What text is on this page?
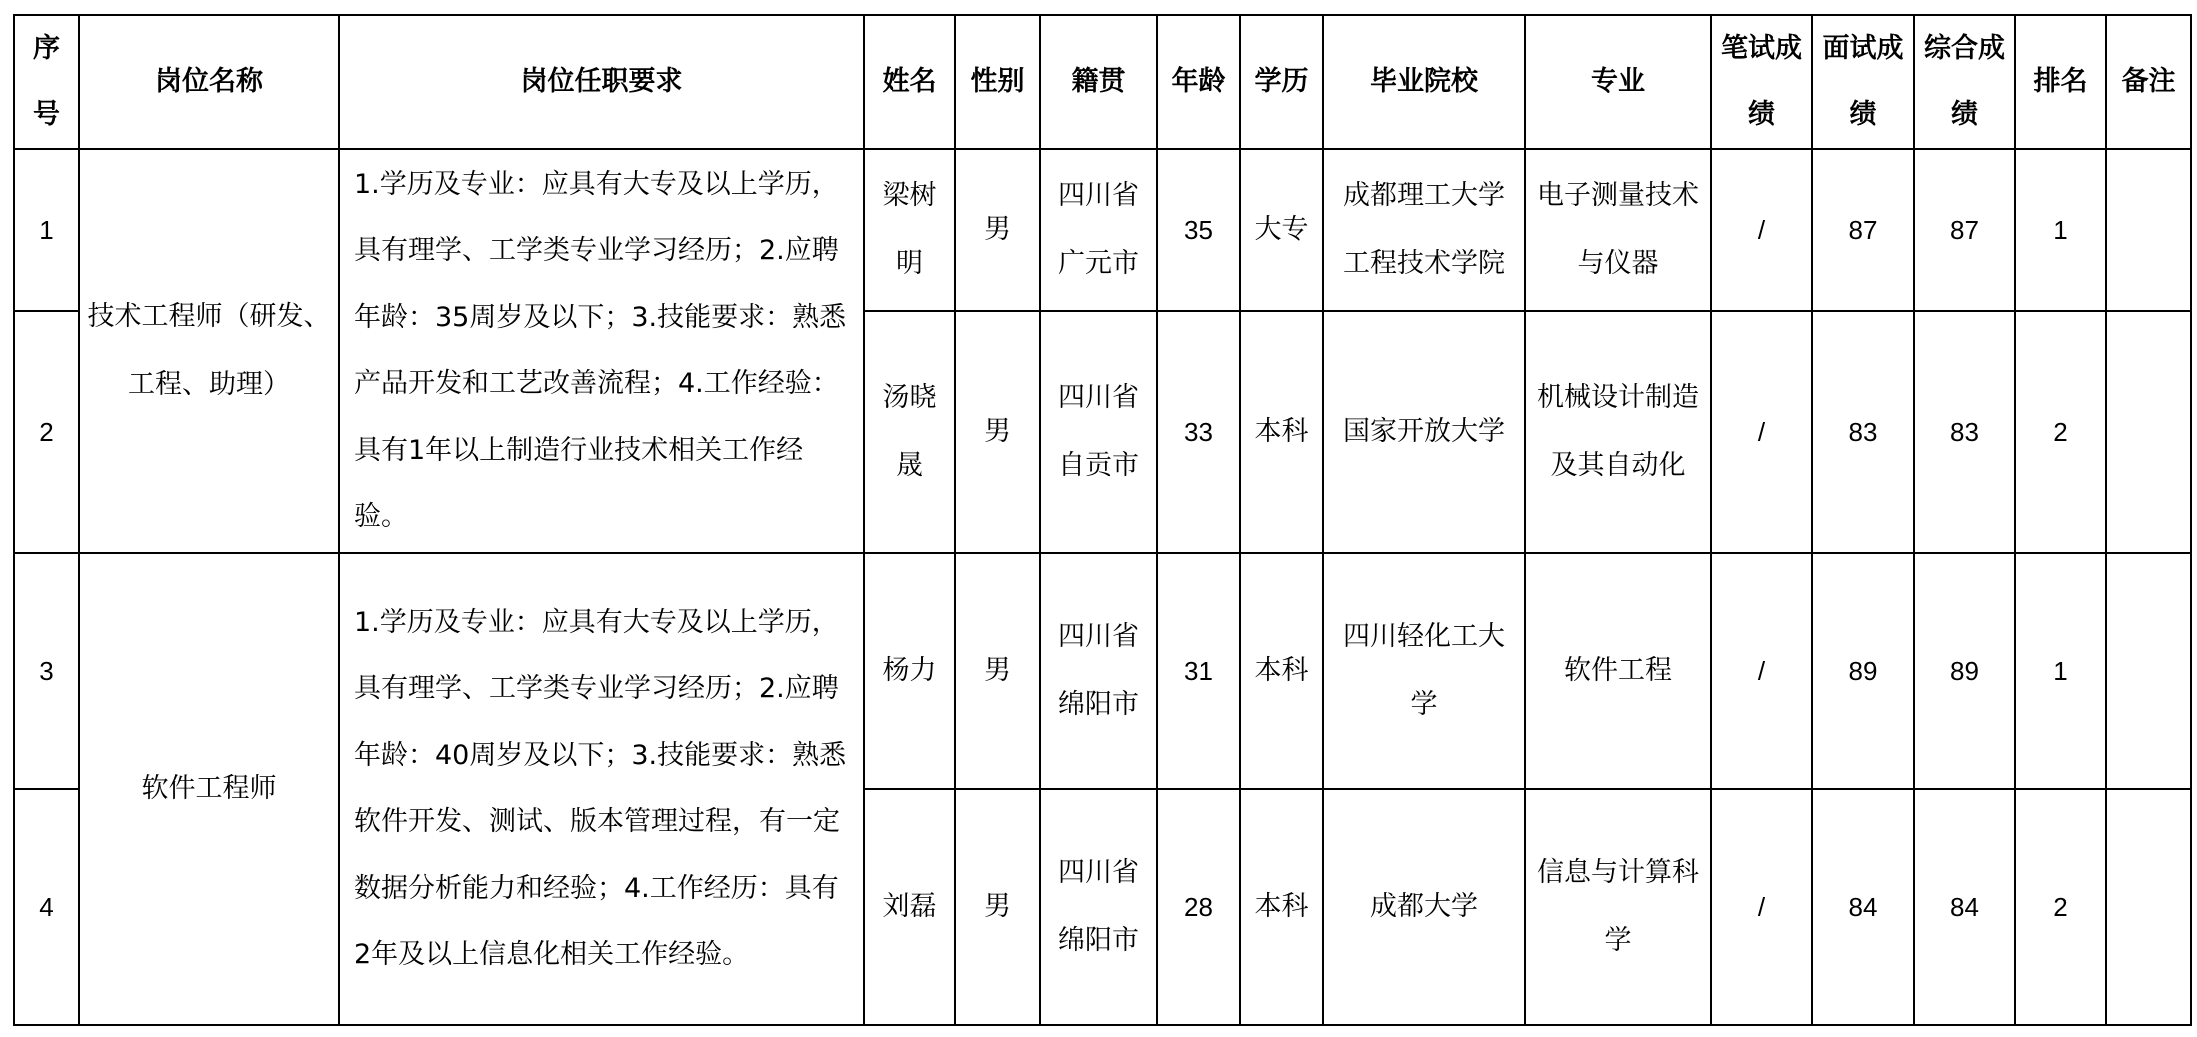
序号	岗位名称	岗位任职要求	姓名	性别	籍贯	年龄	学历	毕业院校	专业	笔试成绩	面试成绩	综合成绩	排名	备注
1	技术工程师（研发、工程、助理）	1.学历及专业：应具有大专及以上学历，具有理学、工学类专业学习经历；2.应聘年龄：35周岁及以下；3.技能要求：熟悉产品开发和工艺改善流程；4.工作经验：具有1年以上制造行业技术相关工作经验。	梁树明	男	四川省广元市	35	大专	成都理工大学工程技术学院	电子测量技术与仪器	/	87	87	1	
2			汤晓晟	男	四川省自贡市	33	本科	国家开放大学	机械设计制造及其自动化	/	83	83	2	
3	软件工程师	1.学历及专业：应具有大专及以上学历，具有理学、工学类专业学习经历；2.应聘年龄：40周岁及以下；3.技能要求：熟悉软件开发、测试、版本管理过程，有一定数据分析能力和经验；4.工作经历：具有2年及以上信息化相关工作经验。	杨力	男	四川省绵阳市	31	本科	四川轻化工大学	软件工程	/	89	89	1	
4			刘磊	男	四川省绵阳市	28	本科	成都大学	信息与计算科学	/	84	84	2	
